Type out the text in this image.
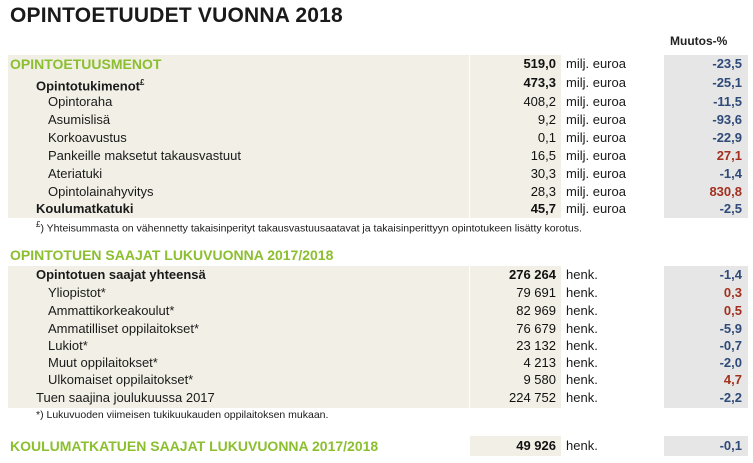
OPINTOETUUDET VUONNA 2018
Muutos-%
OPINTOETUUSMENOT	519,0 milj. euroa	-23,5
Opintotukimenot£	473,3 milj. euroa	-25,1
Opintoraha	408,2 milj. euroa	-11,5
Asumislisä	9,2 milj. euroa	-93,6
Korkoavustus	0,1 milj. euroa	-22,9
Pankeille maksetut takausvastuut	16,5 milj. euroa	27,1
Ateriatuki	30,3 milj. euroa	-1,4
Opintolainahyvitys	28,3 milj. euroa	830,8
Koulumatkatuki	45,7 milj. euroa	-2,5
£) Yhteisummasta on vähennetty takaisinperityt takausvastuusaatavat ja takaisinperittyyn opintotukeen lisätty korotus.
OPINTOTUEN SAAJAT LUKUVUONNA 2017/2018
Opintotuen saajat yhteensä	276 264 henk.	-1,4
Yliopistot*	79 691 henk.	0,3
Ammattikorkeakoulut*	82 969 henk.	0,5
Ammatilliset oppilaitokset*	76 679 henk.	-5,9
Lukiot*	23 132 henk.	-0,7
Muut oppilaitokset*	4 213 henk.	-2,0
Ulkomaiset oppilaitokset*	9 580 henk.	4,7
Tuen saajina joulukuussa 2017	224 752 henk.	-2,2
*) Lukuvuoden viimeisen tukikuukauden oppilaitoksen mukaan.
KOULUMATKATUEN SAAJAT LUKUVUONNA 2017/2018	49 926 henk.	-0,1
